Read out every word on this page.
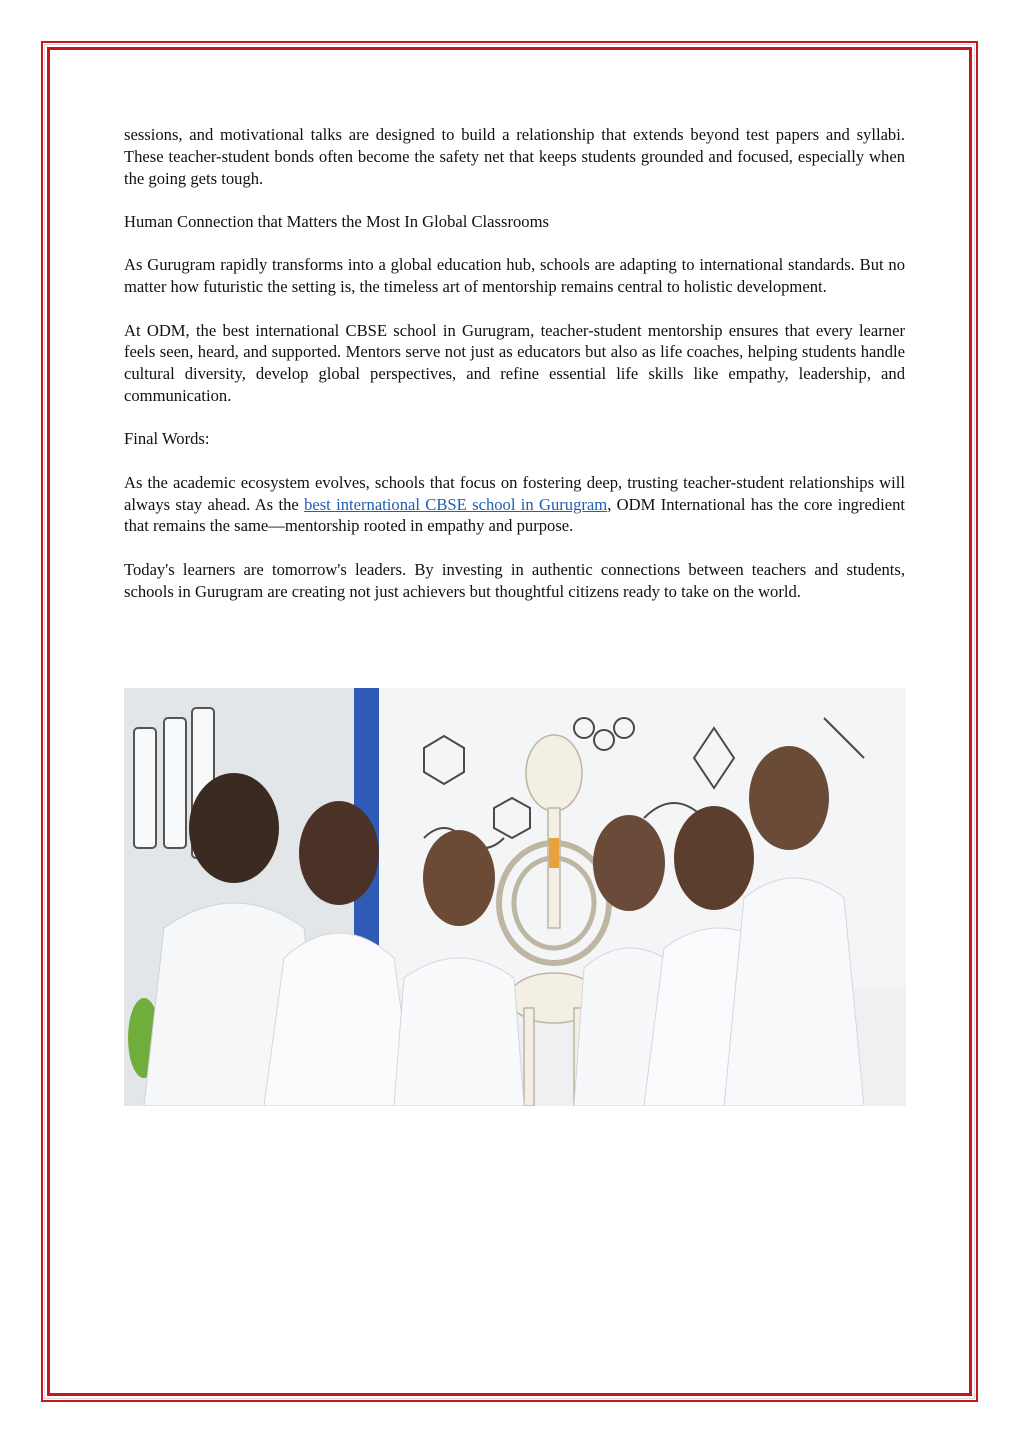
sessions, and motivational talks are designed to build a relationship that extends beyond test papers and syllabi. These teacher-student bonds often become the safety net that keeps students grounded and focused, especially when the going gets tough.

Human Connection that Matters the Most In Global Classrooms

As Gurugram rapidly transforms into a global education hub, schools are adapting to international standards. But no matter how futuristic the setting is, the timeless art of mentorship remains central to holistic development.

At ODM, the best international CBSE school in Gurugram, teacher-student mentorship ensures that every learner feels seen, heard, and supported. Mentors serve not just as educators but also as life coaches, helping students handle cultural diversity, develop global perspectives, and refine essential life skills like empathy, leadership, and communication.

Final Words:

As the academic ecosystem evolves, schools that focus on fostering deep, trusting teacher-student relationships will always stay ahead. As the best international CBSE school in Gurugram, ODM International has the core ingredient that remains the same—mentorship rooted in empathy and purpose.

Today's learners are tomorrow's leaders. By investing in authentic connections between teachers and students, schools in Gurugram are creating not just achievers but thoughtful citizens ready to take on the world.
